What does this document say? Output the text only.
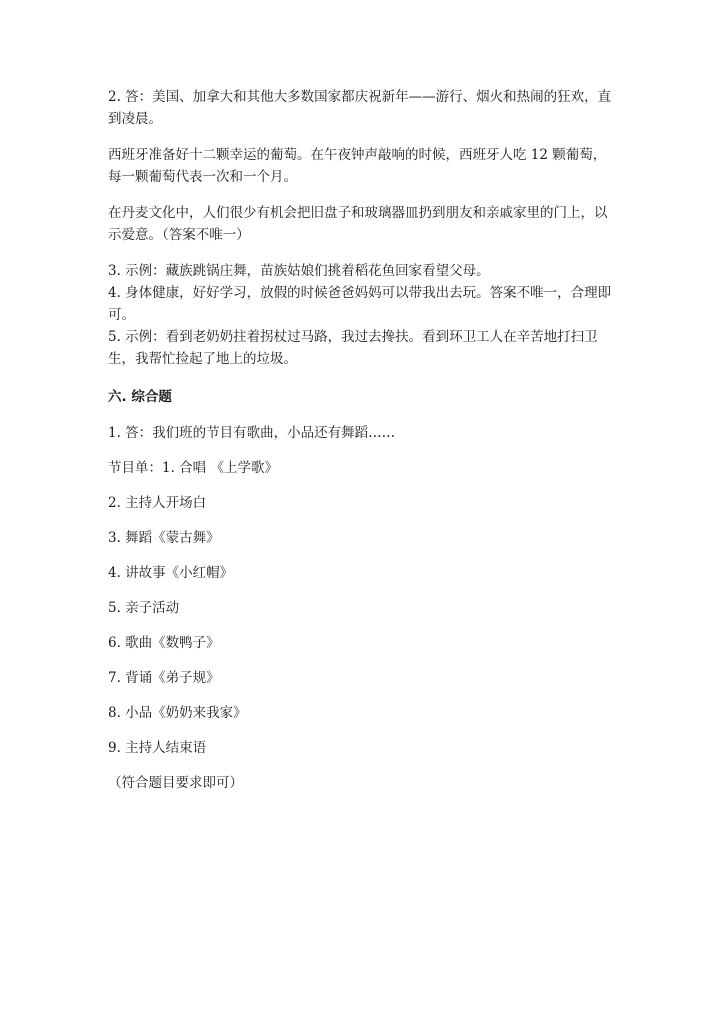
2. 答：美国、加拿大和其他大多数国家都庆祝新年——游行、烟火和热闹的狂欢，直到凌晨。

西班牙准备好十二颗幸运的葡萄。在午夜钟声敲响的时候，西班牙人吃 12 颗葡萄，每一颗葡萄代表一次和一个月。

在丹麦文化中，人们很少有机会把旧盘子和玻璃器皿扔到朋友和亲戚家里的门上，以示爱意。（答案不唯一）

3. 示例：藏族跳锅庄舞，苗族姑娘们挑着稻花鱼回家看望父母。

4. 身体健康，好好学习，放假的时候爸爸妈妈可以带我出去玩。答案不唯一，合理即可。

5. 示例：看到老奶奶拄着拐杖过马路，我过去搀扶。看到环卫工人在辛苦地打扫卫生，我帮忙捡起了地上的垃圾。

六. 综合题

1. 答：我们班的节目有歌曲，小品还有舞蹈……

节目单：1. 合唱 《上学歌》

2. 主持人开场白

3. 舞蹈《蒙古舞》

4. 讲故事《小红帽》

5. 亲子活动

6. 歌曲《数鸭子》

7. 背诵《弟子规》

8. 小品《奶奶来我家》

9. 主持人结束语

（符合题目要求即可）
